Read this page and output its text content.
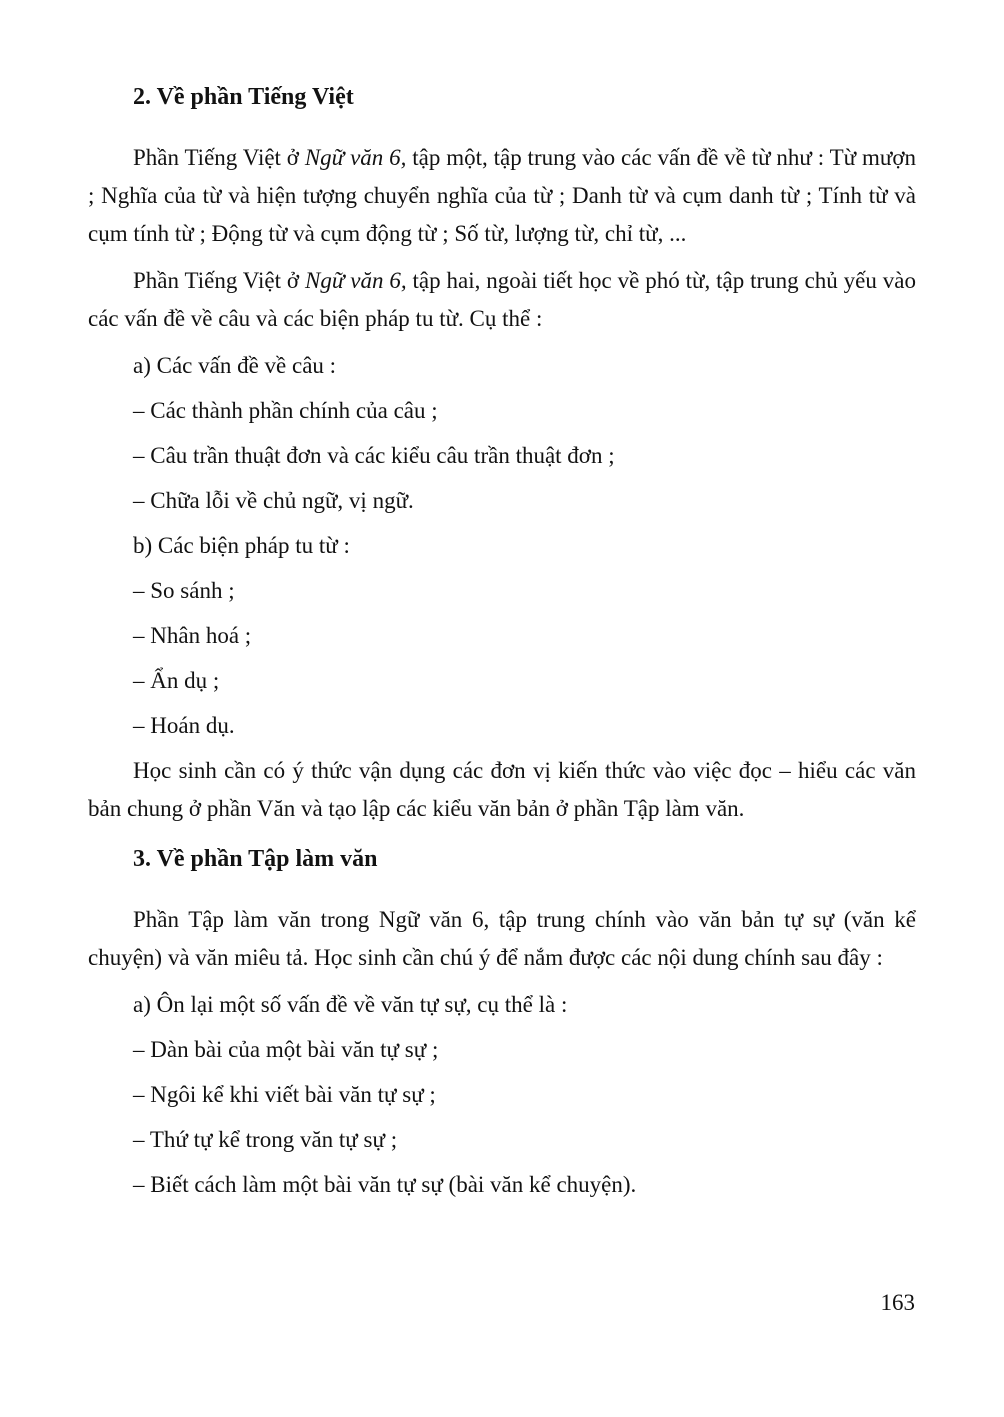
2. Về phần Tiếng Việt

Phần Tiếng Việt ở Ngữ văn 6, tập một, tập trung vào các vấn đề về từ như : Từ mượn ; Nghĩa của từ và hiện tượng chuyển nghĩa của từ ; Danh từ và cụm danh từ ; Tính từ và cụm tính từ ; Động từ và cụm động từ ; Số từ, lượng từ, chỉ từ, ...

Phần Tiếng Việt ở Ngữ văn 6, tập hai, ngoài tiết học về phó từ, tập trung chủ yếu vào các vấn đề về câu và các biện pháp tu từ. Cụ thể :

a) Các vấn đề về câu :

– Các thành phần chính của câu ;

– Câu trần thuật đơn và các kiểu câu trần thuật đơn ;

– Chữa lỗi về chủ ngữ, vị ngữ.

b) Các biện pháp tu từ :

– So sánh ;

– Nhân hoá ;

– Ẩn dụ ;

– Hoán dụ.

Học sinh cần có ý thức vận dụng các đơn vị kiến thức vào việc đọc – hiểu các văn bản chung ở phần Văn và tạo lập các kiểu văn bản ở phần Tập làm văn.

3. Về phần Tập làm văn

Phần Tập làm văn trong Ngữ văn 6, tập trung chính vào văn bản tự sự (văn kể chuyện) và văn miêu tả. Học sinh cần chú ý để nắm được các nội dung chính sau đây :

a) Ôn lại một số vấn đề về văn tự sự, cụ thể là :

– Dàn bài của một bài văn tự sự ;

– Ngôi kể khi viết bài văn tự sự ;

– Thứ tự kể trong văn tự sự ;

– Biết cách làm một bài văn tự sự (bài văn kể chuyện).

163
